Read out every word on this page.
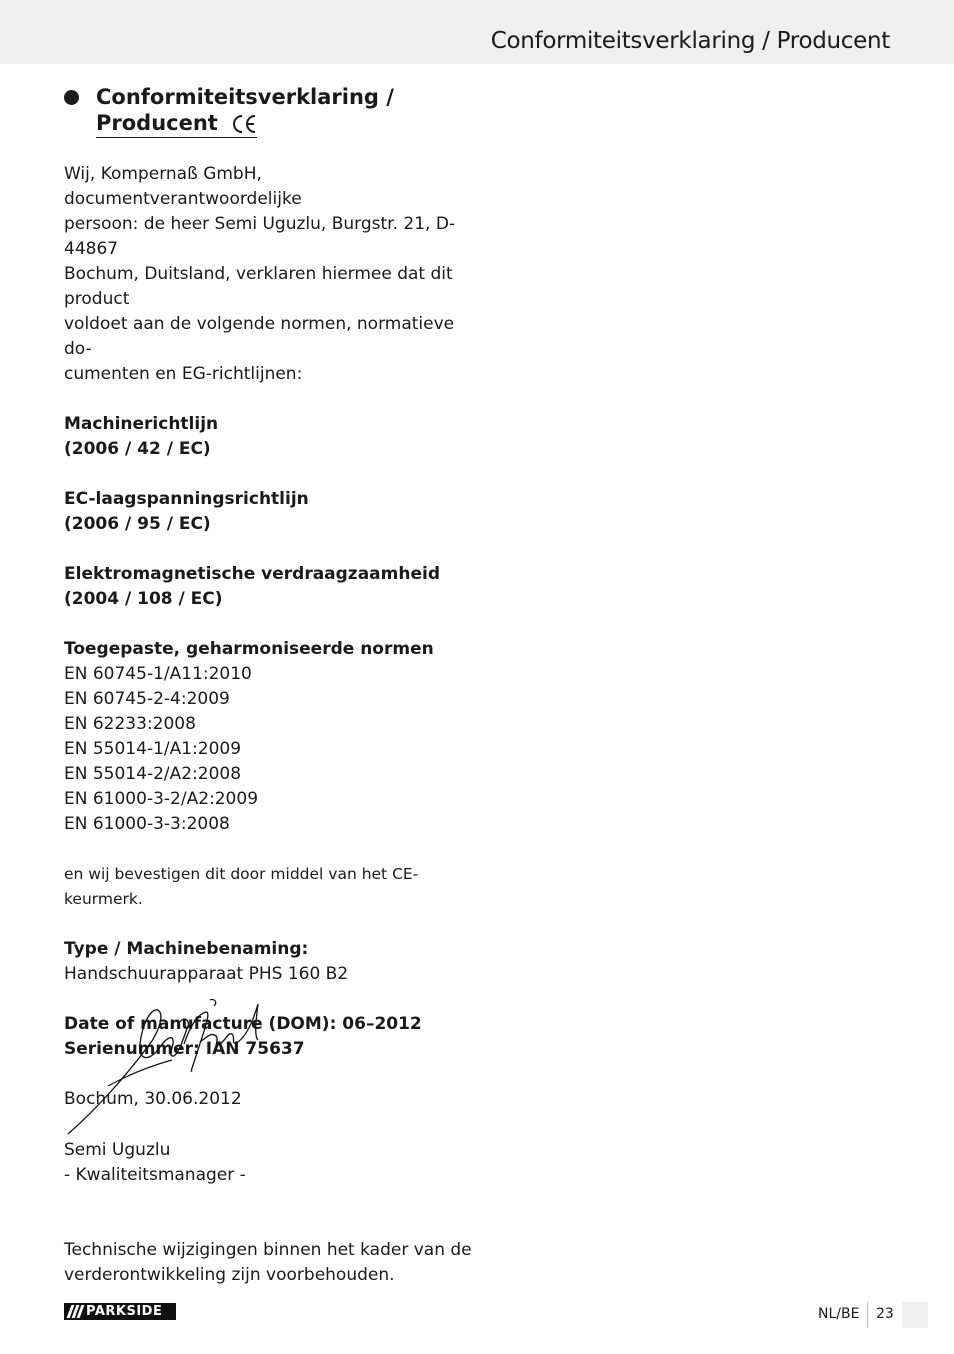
Conformiteitsverklaring / Producent
Conformiteitsverklaring /
Producent

Wij, Kompernaß GmbH, documentverantwoordelijke

persoon: de heer Semi Uguzlu, Burgstr. 21, D-44867

Bochum, Duitsland, verklaren hiermee dat dit product

voldoet aan de volgende normen, normatieve do-

cumenten en EG-richtlijnen:

Machinerichtlijn

(2006 / 42 / EC)

EC-laagspanningsrichtlijn

(2006 / 95 / EC)

Elektromagnetische verdraagzaamheid

(2004 / 108 / EC)

Toegepaste, geharmoniseerde normen

EN 60745-1/A11:2010

EN 60745-2-4:2009

EN 62233:2008

EN 55014-1/A1:2009

EN 55014-2/A2:2008

EN 61000-3-2/A2:2009

EN 61000-3-3:2008

en wij bevestigen dit door middel van het CE-keurmerk.

Type / Machinebenaming:

Handschuurapparaat PHS 160 B2

Date of manufacture (DOM): 06–2012

Serienummer: IAN 75637

Bochum, 30.06.2012

Semi Uguzlu

- Kwaliteitsmanager -

Technische wijzigingen binnen het kader van de

verderontwikkeling zijn voorbehouden.

PARKSIDE	NL/BE 23
